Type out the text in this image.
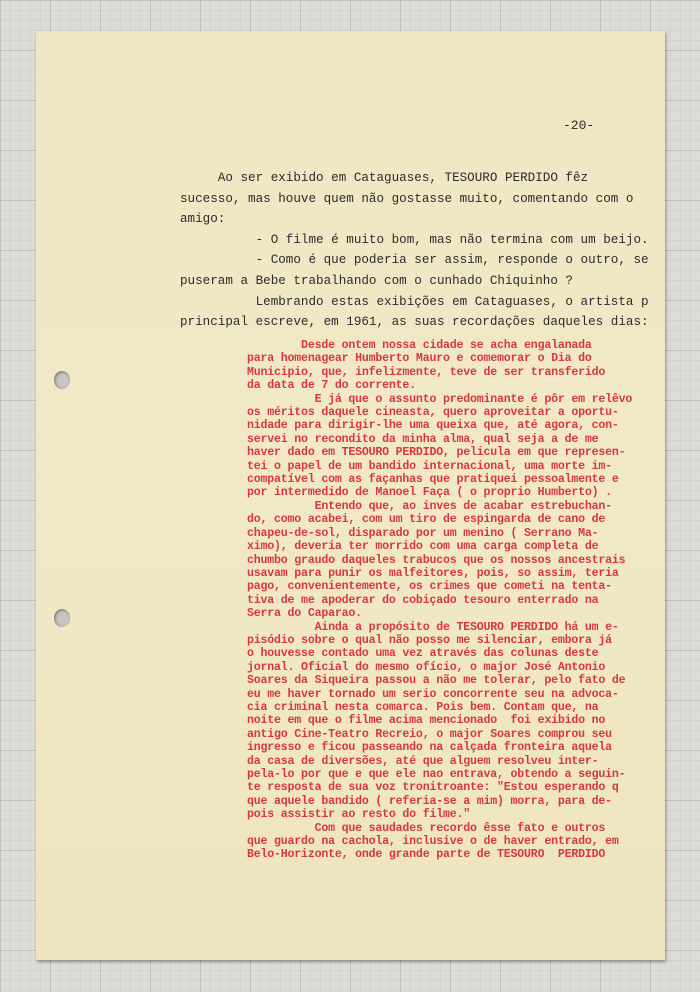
-20-

Ao ser exibido em Cataguases, TESOURO PERDIDO fêz

sucesso, mas houve quem não gostasse muito, comentando com o

amigo:

- O filme é muito bom, mas não termina com um beijo.

- Como é que poderia ser assim, responde o outro, se

puseram a Bebe trabalhando com o cunhado Chiquinho ?

Lembrando estas exibições em Cataguases, o artista p

principal escreve, em 1961, as suas recordações daqueles dias:

Desde ontem nossa cidade se acha engalanada

para homenagear Humberto Mauro e comemorar o Dia do

Municipio, que, infelizmente, teve de ser transferido

da data de 7 do corrente.

E já que o assunto predominante é pôr em relêvo

os méritos daquele cineasta, quero aproveitar a oportu-

nidade para dirigir-lhe uma queixa que, até agora, con-

servei no recondito da minha alma, qual seja a de me

haver dado em TESOURO PERDIDO, pelicula em que represen-

tei o papel de um bandido internacional, uma morte im-

compatível com as façanhas que pratiquei pessoalmente e

por intermedido de Manoel Faça ( o proprio Humberto) .

Entendo que, ao inves de acabar estrebuchan-

do, como acabei, com um tiro de espingarda de cano de

chapeu-de-sol, disparado por um menino ( Serrano Ma-

ximo), deveria ter morrido com uma carga completa de

chumbo graudo daqueles trabucos que os nossos ancestrais

usavam para punir os malfeitores, pois, so assim, teria

pago, convenientemente, os crimes que cometi na tenta-

tiva de me apoderar do cobiçado tesouro enterrado na

Serra do Caparao.

Ainda a propósito de TESOURO PERDIDO há um e-

pisódio sobre o qual não posso me silenciar, embora já

o houvesse contado uma vez através das colunas deste

jornal. Oficial do mesmo ofício, o major José Antonio

Soares da Siqueira passou a não me tolerar, pelo fato de

eu me haver tornado um serio concorrente seu na advoca-

cia criminal nesta comarca. Pois bem. Contam que, na

noite em que o filme acima mencionado  foi exibido no

antigo Cine-Teatro Recreio, o major Soares comprou seu

ingresso e ficou passeando na calçada fronteira aquela

da casa de diversões, até que alguem resolveu inter-

pela-lo por que e que ele nao entrava, obtendo a seguin-

te resposta de sua voz tronitroante: "Estou esperando q

que aquele bandido ( referia-se a mim) morra, para de-

pois assistir ao resto do filme."

Com que saudades recordo êsse fato e outros

que guardo na cachola, inclusive o de haver entrado, em

Belo-Horizonte, onde grande parte de TESOURO  PERDIDO
